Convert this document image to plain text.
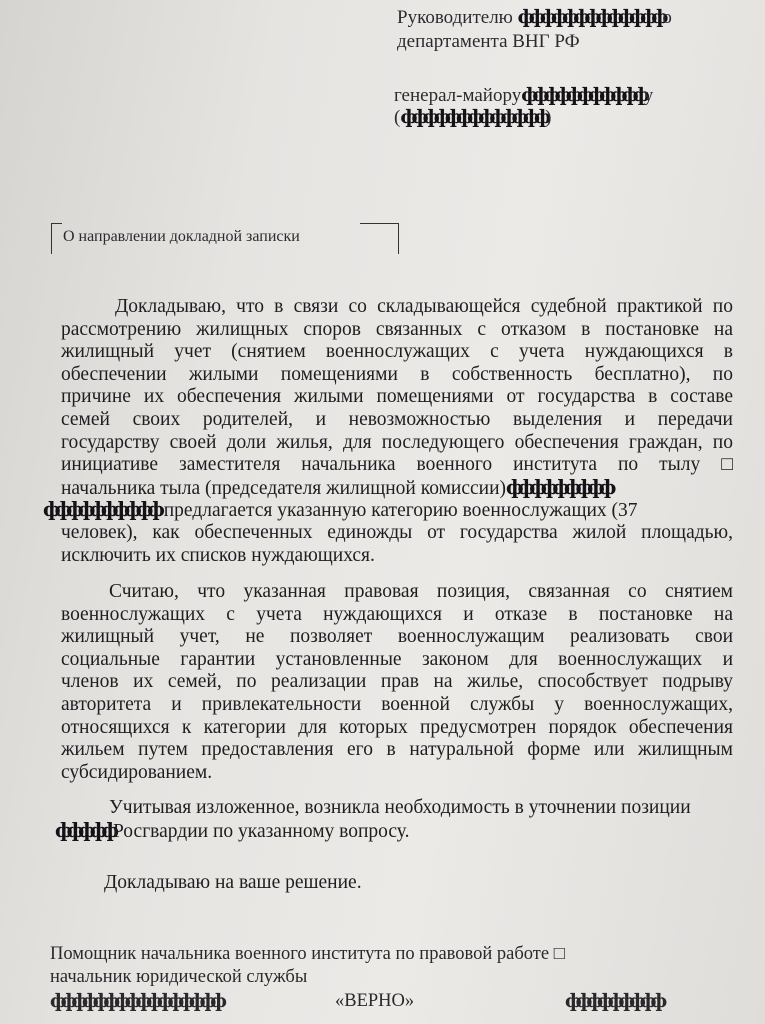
Руководителю фффффффффффффо
департамента ВНГ РФ
генерал-майоруфффффффффффу
(ффффффффффффф)
О направлении докладной записки
Докладываю, что в связи со складывающейся судебной практикой по
рассмотрению жилищных споров связанных с отказом в постановке на
жилищный учет (снятием военнослужащих с учета нуждающихся в
обеспечении жилыми помещениями в собственность бесплатно), по
причине их обеспечения жилыми помещениями от государства в составе
семей своих родителей, и невозможностью выделения и передачи
государству своей доли жилья, для последующего обеспечения граждан, по
инициативе заместителя начальника военного института по тылу □
начальника тыла (председателя жилищной комиссии)ффффффффф
фффффффффф предлагается указанную категорию военнослужащих (37
человек), как обеспеченных единожды от государства жилой площадью,
исключить их списков нуждающихся.
Считаю, что указанная правовая позиция, связанная со снятием
военнослужащих с учета нуждающихся и отказе в постановке на
жилищный учет, не позволяет военнослужащим реализовать свои
социальные гарантии установленные законом для военнослужащих и
членов их семей, по реализации прав на жилье, способствует подрыву
авторитета и привлекательности военной службы у военнослужащих,
относящихся к категории для которых предусмотрен порядок обеспечения
жильем путем предоставления его в натуральной форме или жилищным
субсидированием.
Учитывая изложенное, возникла необходимость в уточнении позиции
фффффРосгвардии по указанному вопросу.
Докладываю на ваше решение.
Помощник начальника военного института по правовой работе □
начальник юридической службы
фффффффффффффффф	«ВЕРНО»	ффффффффф
